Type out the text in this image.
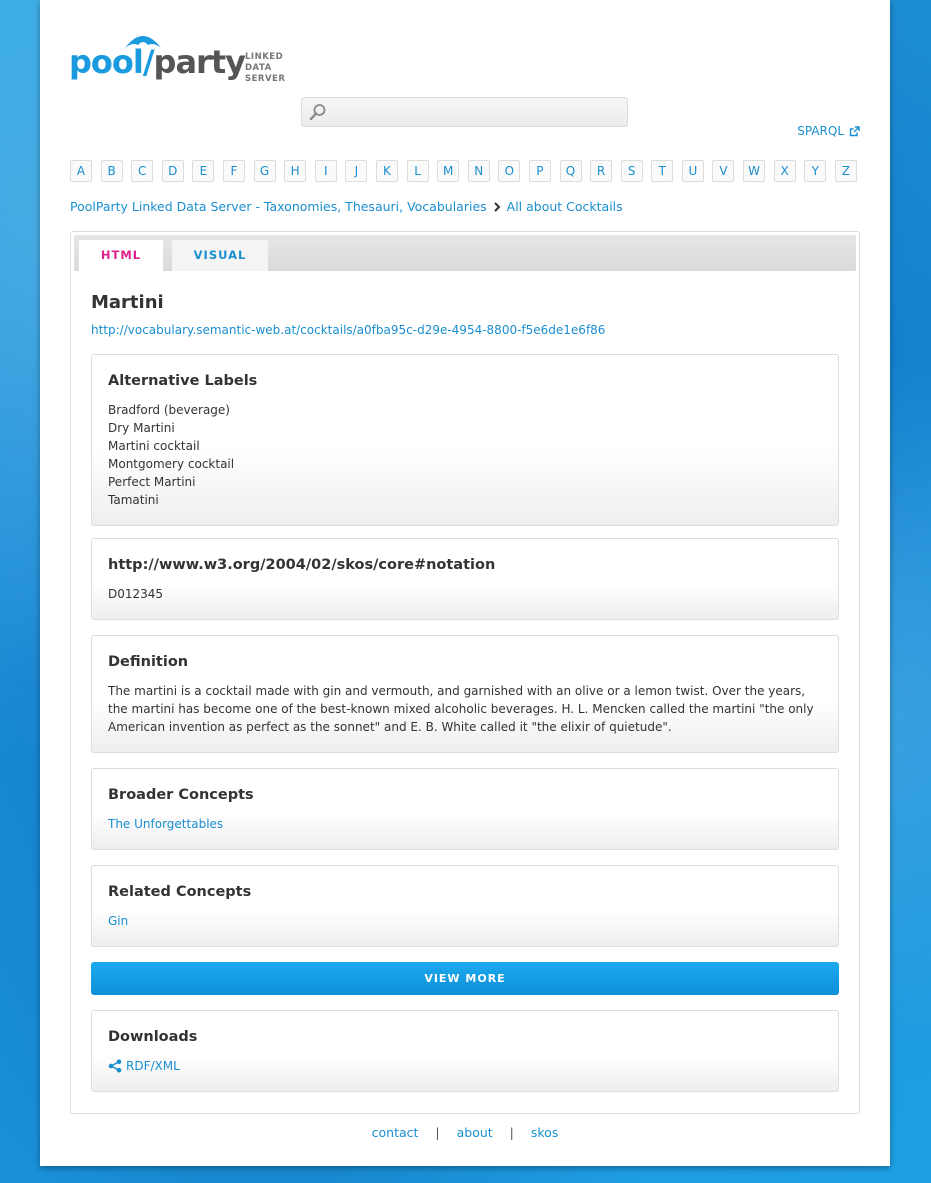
pool/party LINKED DATA
SERVER
SPARQL
A	B	C	D	E	F	G	H	I	J	K	L	M	N	O	P	Q	R	S	T	U	V	W	X	Y	Z
PoolParty Linked Data Server - Taxonomies, Thesauri, Vocabularies All about Cocktails
HTML	VISUAL
Martini
http://vocabulary.semantic-web.at/cocktails/a0fba95c-d29e-4954-8800-f5e6de1e6f86
Alternative Labels
Bradford (beverage)
Dry Martini
Martini cocktail
Montgomery cocktail
Perfect Martini
Tamatini
http://www.w3.org/2004/02/skos/core#notation
D012345
Definition
The martini is a cocktail made with gin and vermouth, and garnished with an olive or a lemon twist. Over the years, the martini has become one of the best-known mixed alcoholic beverages. H. L. Mencken called the martini "the only American invention as perfect as the sonnet" and E. B. White called it "the elixir of quietude".
Broader Concepts
The Unforgettables
Related Concepts
Gin
VIEW MORE
Downloads
RDF/XML
contact | about | skos
